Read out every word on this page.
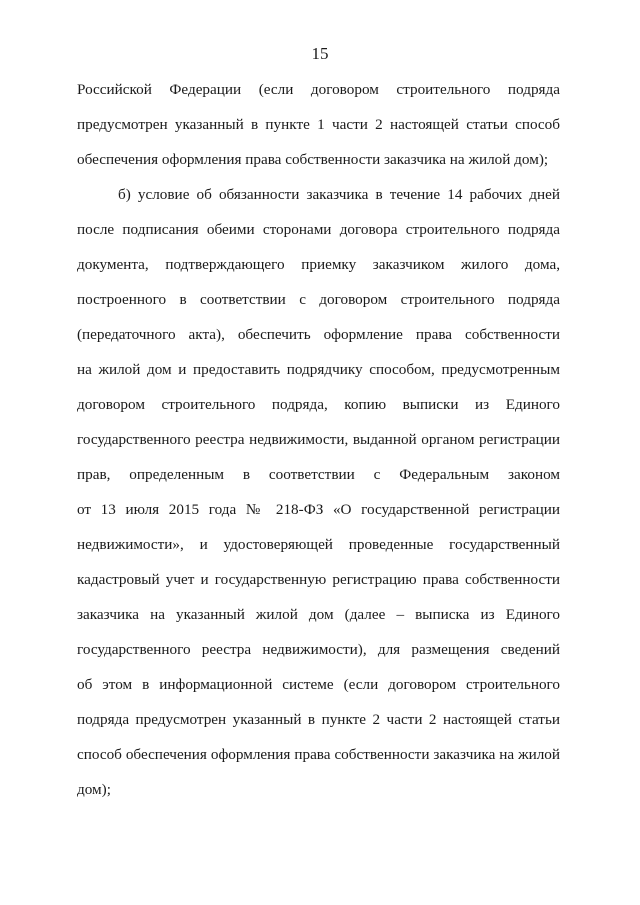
15
Российской Федерации (если договором строительного подряда
предусмотрен указанный в пункте 1 части 2 настоящей статьи способ
обеспечения оформления права собственности заказчика на жилой дом);
б) условие об обязанности заказчика в течение 14 рабочих дней
после подписания обеими сторонами договора строительного подряда
документа, подтверждающего приемку заказчиком жилого дома,
построенного в соответствии с договором строительного подряда
(передаточного акта), обеспечить оформление права собственности
на жилой дом и предоставить подрядчику способом, предусмотренным
договором строительного подряда, копию выписки из Единого
государственного реестра недвижимости, выданной органом регистрации
прав, определенным в соответствии с Федеральным законом
от 13 июля 2015 года № 218-ФЗ «О государственной регистрации
недвижимости», и удостоверяющей проведенные государственный
кадастровый учет и государственную регистрацию права собственности
заказчика на указанный жилой дом (далее – выписка из Единого
государственного реестра недвижимости), для размещения сведений
об этом в информационной системе (если договором строительного
подряда предусмотрен указанный в пункте 2 части 2 настоящей статьи
способ обеспечения оформления права собственности заказчика на жилой
дом);
